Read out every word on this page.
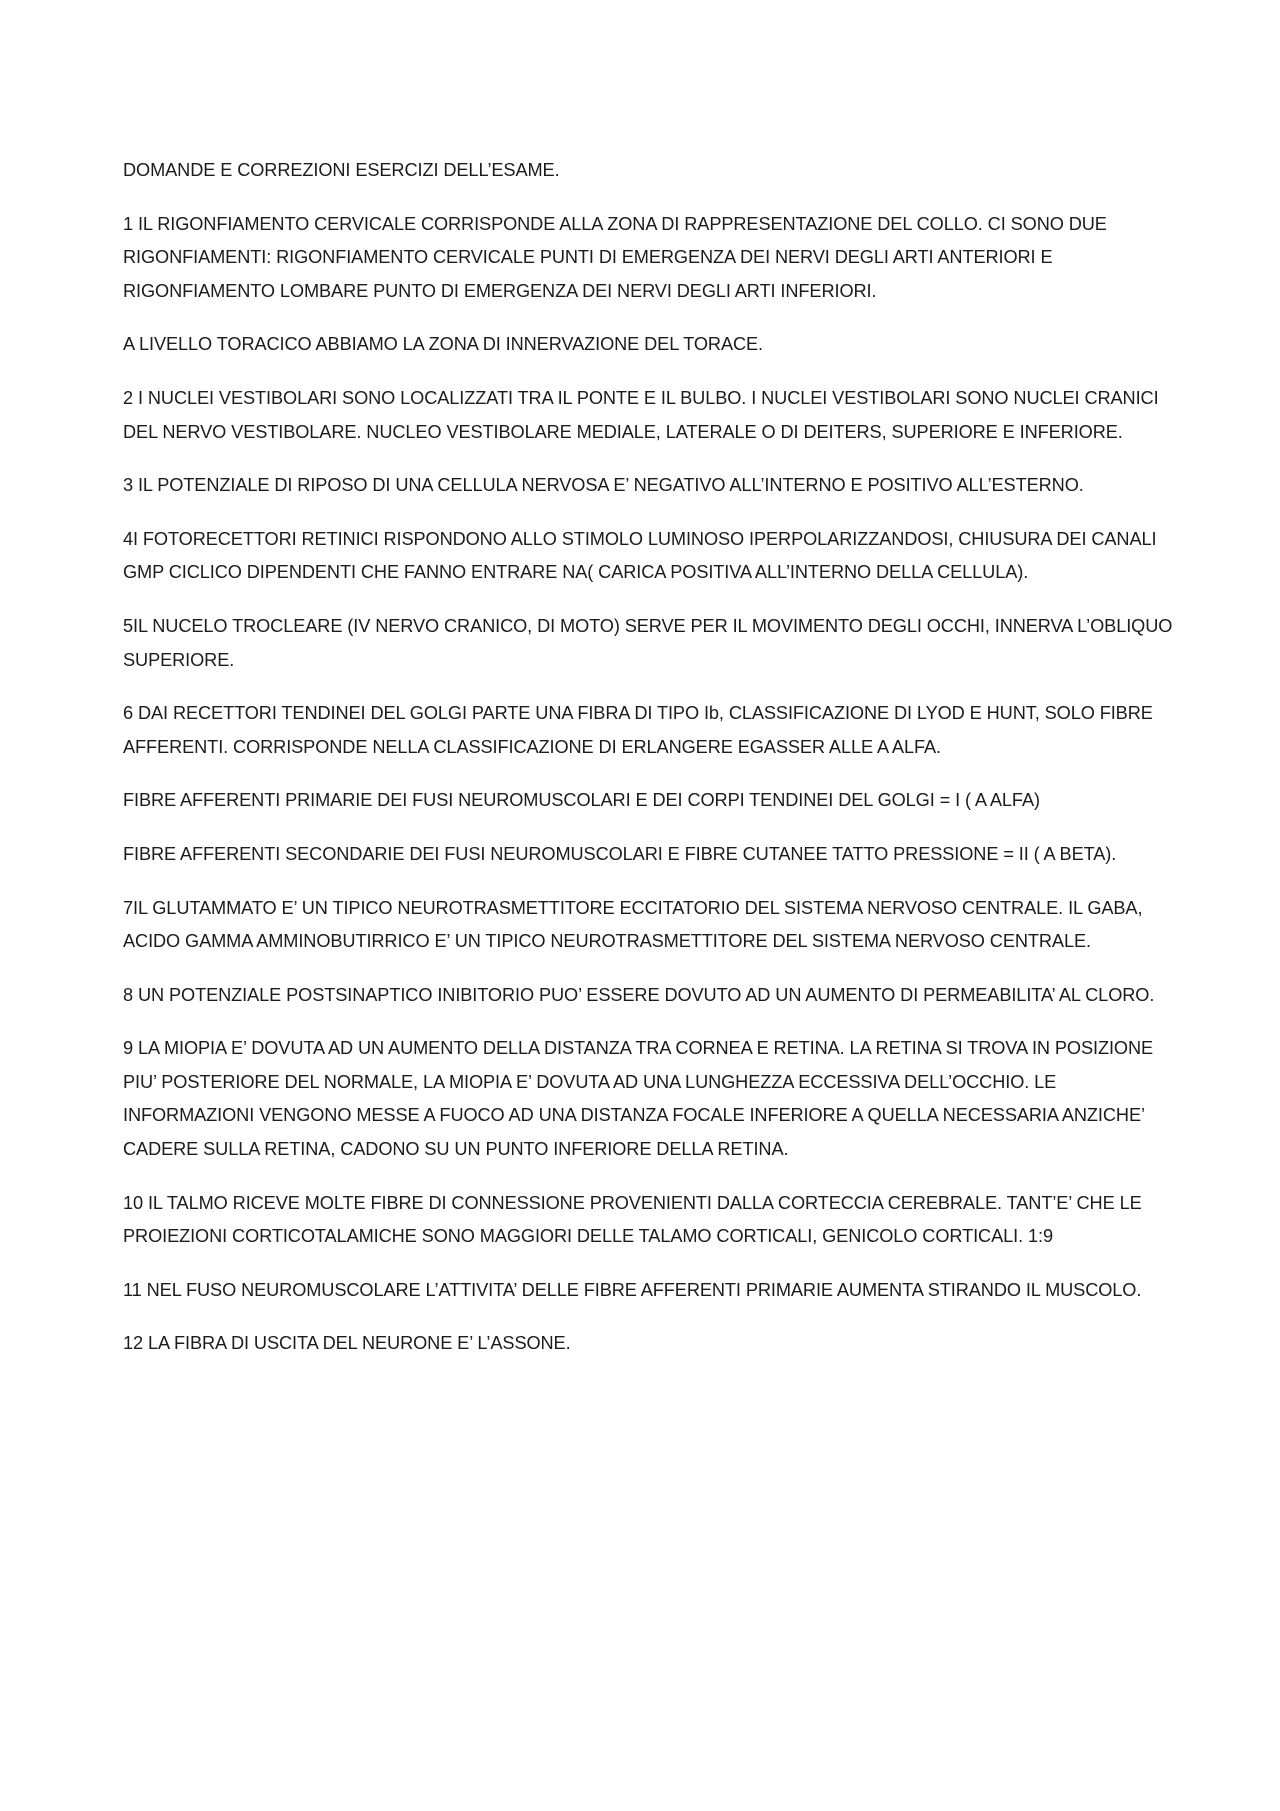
DOMANDE E CORREZIONI ESERCIZI DELL’ESAME.

1 IL RIGONFIAMENTO CERVICALE CORRISPONDE ALLA ZONA DI RAPPRESENTAZIONE DEL COLLO. CI SONO DUE RIGONFIAMENTI: RIGONFIAMENTO CERVICALE PUNTI DI EMERGENZA DEI NERVI DEGLI ARTI ANTERIORI E RIGONFIAMENTO LOMBARE PUNTO DI EMERGENZA DEI NERVI DEGLI ARTI INFERIORI.

A LIVELLO TORACICO ABBIAMO LA ZONA DI INNERVAZIONE DEL TORACE.

2 I NUCLEI VESTIBOLARI SONO LOCALIZZATI TRA IL PONTE E IL BULBO. I NUCLEI VESTIBOLARI SONO NUCLEI CRANICI DEL NERVO VESTIBOLARE. NUCLEO VESTIBOLARE MEDIALE, LATERALE O DI DEITERS, SUPERIORE E INFERIORE.

3 IL POTENZIALE DI RIPOSO DI UNA CELLULA NERVOSA E’ NEGATIVO ALL’INTERNO E POSITIVO ALL’ESTERNO.

4I FOTORECETTORI RETINICI RISPONDONO ALLO STIMOLO LUMINOSO IPERPOLARIZZANDOSI, CHIUSURA DEI CANALI GMP CICLICO DIPENDENTI CHE FANNO ENTRARE NA( CARICA POSITIVA ALL’INTERNO DELLA CELLULA).

5IL NUCELO TROCLEARE (IV NERVO CRANICO, DI MOTO) SERVE PER IL MOVIMENTO DEGLI OCCHI, INNERVA L’OBLIQUO SUPERIORE.

6 DAI RECETTORI TENDINEI DEL GOLGI PARTE UNA FIBRA DI TIPO Ib, CLASSIFICAZIONE DI LYOD E HUNT, SOLO FIBRE AFFERENTI. CORRISPONDE NELLA CLASSIFICAZIONE DI ERLANGERE EGASSER ALLE A ALFA.

FIBRE AFFERENTI PRIMARIE DEI FUSI NEUROMUSCOLARI E DEI CORPI TENDINEI DEL GOLGI = I ( A ALFA)

FIBRE AFFERENTI SECONDARIE DEI FUSI NEUROMUSCOLARI E FIBRE CUTANEE TATTO PRESSIONE = II ( A BETA).

7IL GLUTAMMATO E’ UN TIPICO NEUROTRASMETTITORE ECCITATORIO DEL SISTEMA NERVOSO CENTRALE. IL GABA, ACIDO GAMMA AMMINOBUTIRRICO E’ UN TIPICO NEUROTRASMETTITORE DEL SISTEMA NERVOSO CENTRALE.

8 UN POTENZIALE POSTSINAPTICO INIBITORIO PUO’ ESSERE DOVUTO AD UN AUMENTO DI PERMEABILITA’ AL CLORO.

9 LA MIOPIA E’ DOVUTA AD UN AUMENTO DELLA DISTANZA TRA CORNEA E RETINA. LA RETINA SI TROVA IN POSIZIONE PIU’ POSTERIORE DEL NORMALE, LA MIOPIA E’ DOVUTA AD UNA LUNGHEZZA ECCESSIVA DELL’OCCHIO. LE INFORMAZIONI VENGONO MESSE A FUOCO AD UNA DISTANZA FOCALE INFERIORE A QUELLA NECESSARIA ANZICHE’ CADERE SULLA RETINA, CADONO SU UN PUNTO INFERIORE DELLA RETINA.

10 IL TALMO RICEVE MOLTE FIBRE DI CONNESSIONE PROVENIENTI DALLA CORTECCIA CEREBRALE. TANT’E’ CHE LE PROIEZIONI CORTICOTALAMICHE SONO MAGGIORI DELLE TALAMO CORTICALI, GENICOLO CORTICALI. 1:9

11 NEL FUSO NEUROMUSCOLARE L’ATTIVITA’ DELLE FIBRE AFFERENTI PRIMARIE AUMENTA STIRANDO IL MUSCOLO.

12 LA FIBRA DI USCITA DEL NEURONE E’ L’ASSONE.
